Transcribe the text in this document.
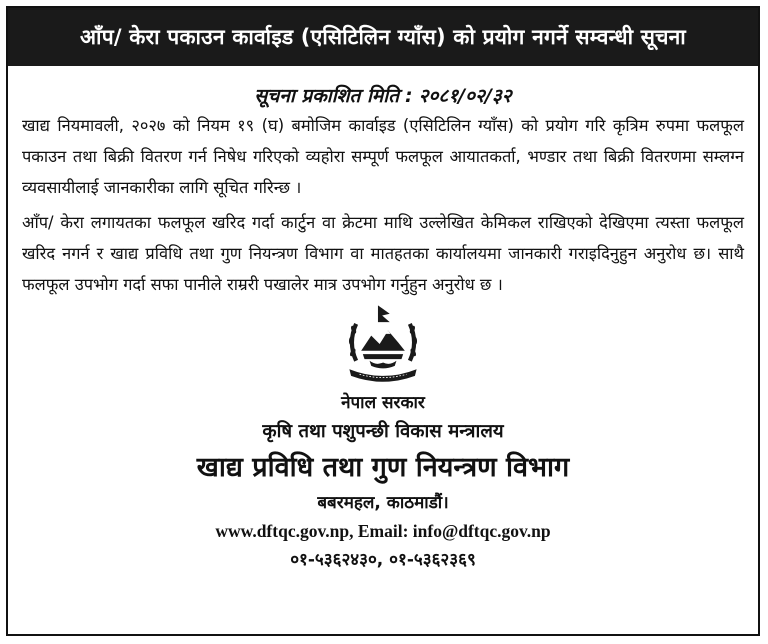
आँप/ केरा पकाउन कार्वाइड (एसिटिलिन ग्याँस) को प्रयोग नगर्ने सम्वन्धी सूचना
सूचना प्रकाशित मिति : २०८१/०२/३२

खाद्य नियमावली, २०२७ को नियम १९ (घ) बमोजिम कार्वाइड (एसिटिलिन ग्याँस) को प्रयोग गरि कृत्रिम रुपमा फलफूल पकाउन तथा बिक्री वितरण गर्न निषेध गरिएको व्यहोरा सम्पूर्ण फलफूल आयातकर्ता, भण्डार तथा बिक्री वितरणमा सम्लग्न व्यवसायीलाई जानकारीका लागि सूचित गरिन्छ ।

आँप/ केरा लगायतका फलफूल खरिद गर्दा कार्टुन वा क्रेटमा माथि उल्लेखित केमिकल राखिएको देखिएमा त्यस्ता फलफूल खरिद नगर्न र खाद्य प्रविधि तथा गुण नियन्त्रण विभाग वा मातहतका कार्यालयमा जानकारी गराइदिनुहुन अनुरोध छ। साथै फलफूल उपभोग गर्दा सफा पानीले राम्ररी पखालेर मात्र उपभोग गर्नुहुन अनुरोध छ ।

नेपाल सरकार
कृषि तथा पशुपन्छी विकास मन्त्रालय
खाद्य प्रविधि तथा गुण नियन्त्रण विभाग
बबरमहल, काठमाडौं।
www.dftqc.gov.np, Email: info@dftqc.gov.np
०१-५३६२४३०, ०१-५३६२३६९
